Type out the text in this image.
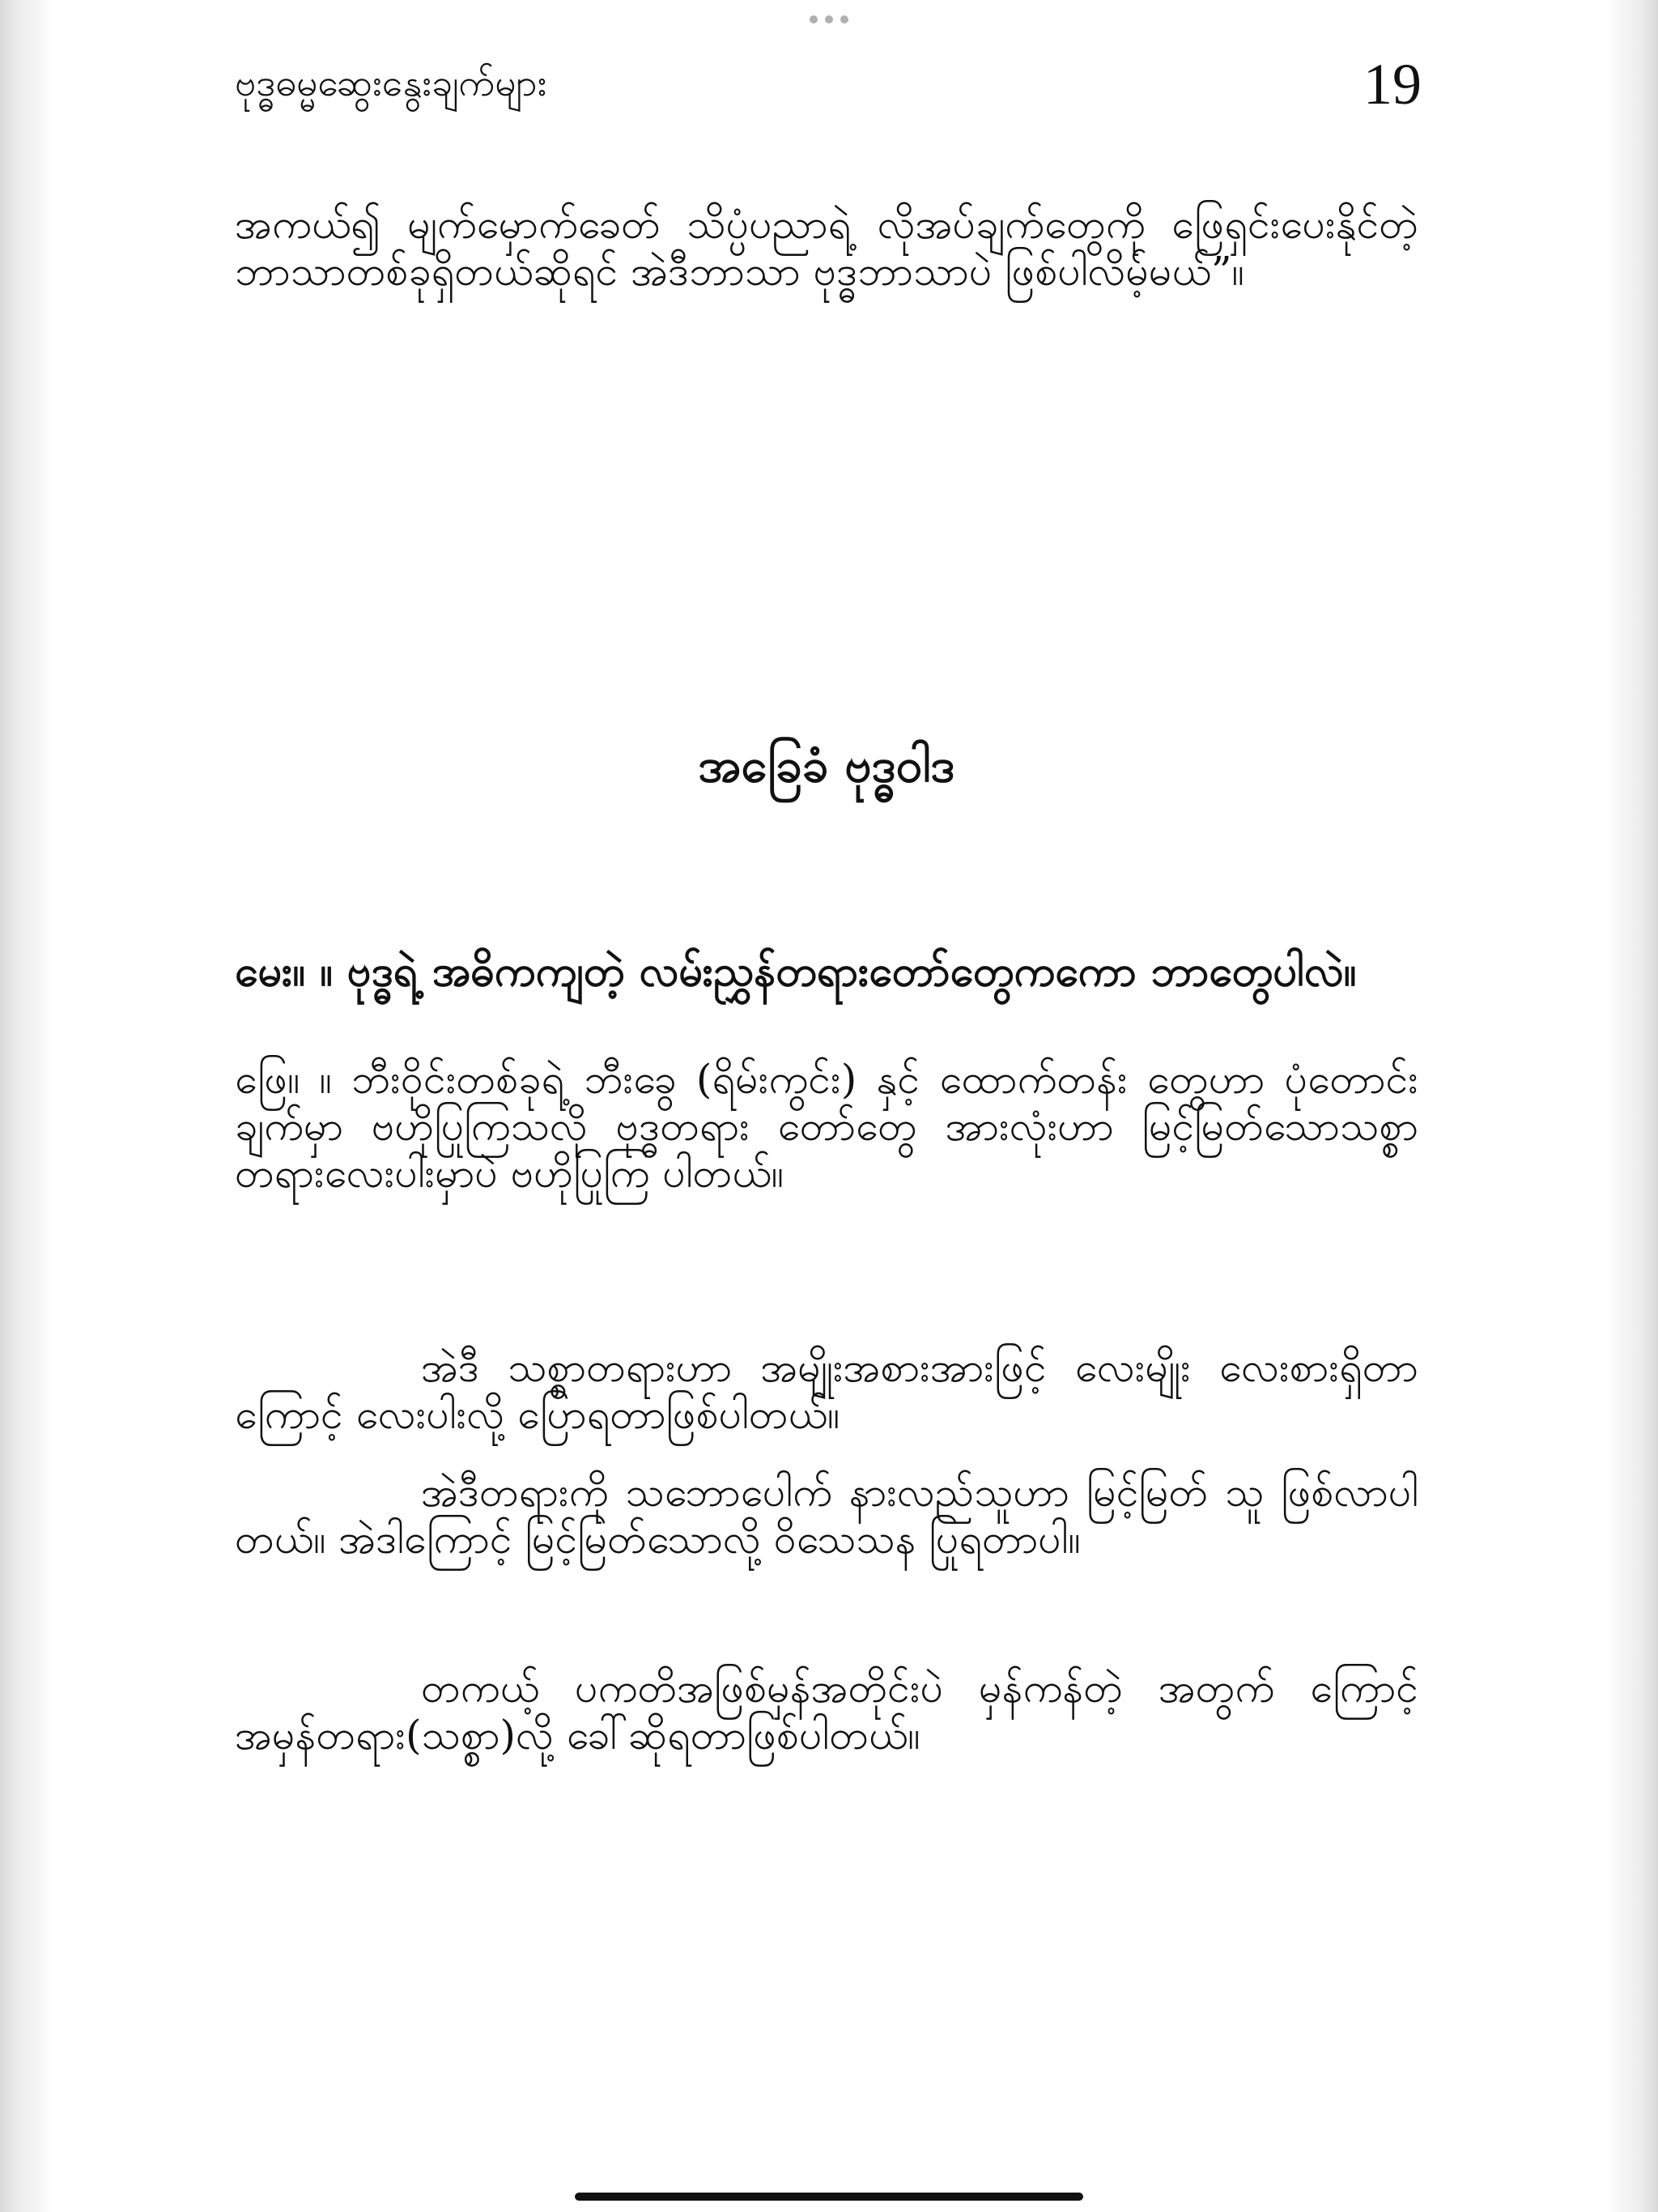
ဗုဒ္ဓဓမ္မဆွေးနွေးချက်များ	19
အကယ်၍ မျက်မှောက်ခေတ် သိပ္ပံပညာရဲ့ လိုအပ်ချက်တွေကို ဖြေရှင်းပေးနိုင်တဲ့ ဘာသာတစ်ခုရှိတယ်ဆိုရင် အဲဒီဘာသာ ဗုဒ္ဓဘာသာပဲ ဖြစ်ပါလိမ့်မယ်”။
အခြေခံ ဗုဒ္ဓဝါဒ
မေး။ ။ ဗုဒ္ဓရဲ့ အဓိကကျတဲ့ လမ်းညွှန်တရားတော်တွေကကော ဘာတွေပါလဲ။
ဖြေ။ ။ ဘီးဝိုင်းတစ်ခုရဲ့ ဘီးခွေ (ရိမ်းကွင်း) နှင့် ထောက်တန်း တွေဟာ ပုံတောင်းချက်မှာ ဗဟိုပြုကြသလို ဗုဒ္ဓတရား တော်တွေ အားလုံးဟာ မြင့်မြတ်သောသစ္စာတရားလေးပါးမှာပဲ ဗဟိုပြုကြ ပါတယ်။
အဲဒီ သစ္စာတရားဟာ အမျိုးအစားအားဖြင့် လေးမျိုး လေးစားရှိတာကြောင့် လေးပါးလို့ ပြောရတာဖြစ်ပါတယ်။
အဲဒီတရားကို သဘောပေါက် နားလည်သူဟာ မြင့်မြတ် သူ ဖြစ်လာပါတယ်။ အဲဒါကြောင့် မြင့်မြတ်သောလို့ ဝိသေသန ပြုရတာပါ။
တကယ့် ပကတိအဖြစ်မှန်အတိုင်းပဲ မှန်ကန်တဲ့ အတွက် ကြောင့် အမှန်တရား(သစ္စာ)လို့ ခေါ်ဆိုရတာဖြစ်ပါတယ်။
